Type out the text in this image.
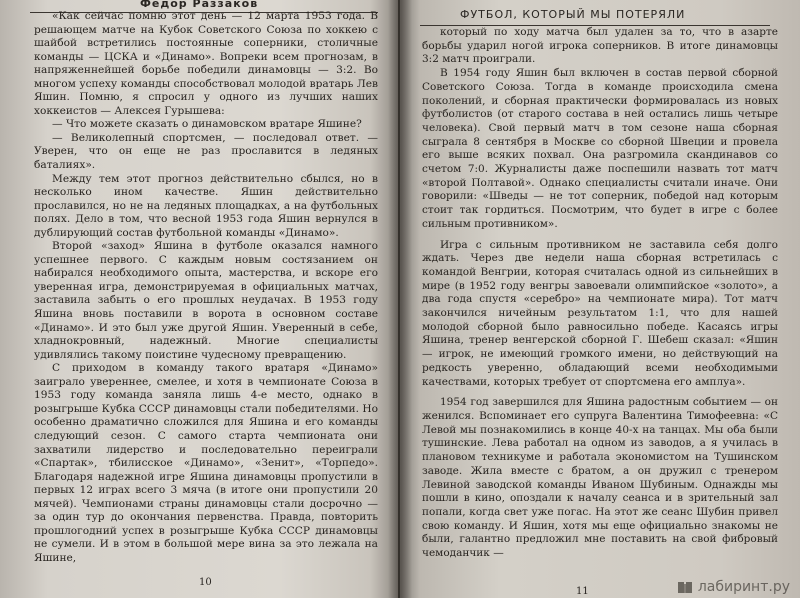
Федор Раззаков

«Как сейчас помню этот день — 12 марта 1953 года. В решающем матче на Кубок Советского Союза по хоккею с шайбой встретились постоянные соперники, столичные команды — ЦСКА и «Динамо». Вопреки всем прогнозам, в напряженнейшей борьбе победили динамовцы — 3:2. Во многом успеху команды способствовал молодой вратарь Лев Яшин. Помню, я спросил у одного из лучших наших хоккеистов — Алексея Гурышева:

— Что можете сказать о динамовском вратаре Яшине?

— Великолепный спортсмен, — последовал ответ. — Уверен, что он еще не раз прославится в ледяных баталиях».

Между тем этот прогноз действительно сбылся, но в несколько ином качестве. Яшин действительно прославился, но не на ледяных площадках, а на футбольных полях. Дело в том, что весной 1953 года Яшин вернулся в дублирующий состав футбольной команды «Динамо».

Второй «заход» Яшина в футболе оказался намного успешнее первого. С каждым новым состязанием он набирался необходимого опыта, мастерства, и вскоре его уверенная игра, демонстрируемая в официальных матчах, заставила забыть о его прошлых неудачах. В 1953 году Яшина вновь поставили в ворота в основном составе «Динамо». И это был уже другой Яшин. Уверенный в себе, хладнокровный, надежный. Многие специалисты удивлялись такому поистине чудесному превращению.

С приходом в команду такого вратаря «Динамо» заиграло увереннее, смелее, и хотя в чемпионате Союза в 1953 году команда заняла лишь 4-е место, однако в розыгрыше Кубка СССР динамовцы стали победителями. Но особенно драматично сложился для Яшина и его команды следующий сезон. С самого старта чемпионата они захватили лидерство и последовательно переиграли «Спартак», тбилисское «Динамо», «Зенит», «Торпедо». Благодаря надежной игре Яшина динамовцы пропустили в первых 12 играх всего 3 мяча (в итоге они пропустили 20 мячей). Чемпионами страны динамовцы стали досрочно — за один тур до окончания первенства. Правда, повторить прошлогодний успех в розыгрыше Кубка СССР динамовцы не сумели. И в этом в большой мере вина за это лежала на Яшине,

10
ФУТБОЛ, КОТОРЫЙ МЫ ПОТЕРЯЛИ

который по ходу матча был удален за то, что в азарте борьбы ударил ногой игрока соперников. В итоге динамовцы 3:2 матч проиграли.

В 1954 году Яшин был включен в состав первой сборной Советского Союза. Тогда в команде происходила смена поколений, и сборная практически формировалась из новых футболистов (от старого состава в ней остались лишь четыре человека). Свой первый матч в том сезоне наша сборная сыграла 8 сентября в Москве со сборной Швеции и провела его выше всяких похвал. Она разгромила скандинавов со счетом 7:0. Журналисты даже поспешили назвать тот матч «второй Полтавой». Однако специалисты считали иначе. Они говорили: «Шведы — не тот соперник, победой над которым стоит так гордиться. Посмотрим, что будет в игре с более сильным противником».

Игра с сильным противником не заставила себя долго ждать. Через две недели наша сборная встретилась с командой Венгрии, которая считалась одной из сильнейших в мире (в 1952 году венгры завоевали олимпийское «золото», а два года спустя «серебро» на чемпионате мира). Тот матч закончился ничейным результатом 1:1, что для нашей молодой сборной было равносильно победе. Касаясь игры Яшина, тренер венгерской сборной Г. Шебеш сказал: «Яшин — игрок, не имеющий громкого имени, но действующий на редкость уверенно, обладающий всеми необходимыми качествами, которых требует от спортсмена его амплуа».

1954 год завершился для Яшина радостным событием — он женился. Вспоминает его супруга Валентина Тимофеевна: «С Левой мы познакомились в конце 40-х на танцах. Мы оба были тушинские. Лева работал на одном из заводов, а я училась в плановом техникуме и работала экономистом на Тушинском заводе. Жила вместе с братом, а он дружил с тренером Левиной заводской команды Иваном Шубиным. Однажды мы пошли в кино, опоздали к началу сеанса и в зрительный зал попали, когда свет уже погас. На этот же сеанс Шубин привел свою команду. И Яшин, хотя мы еще официально знакомы не были, галантно предложил мне поставить на свой фибровый чемоданчик —

11	лабиринт.ру
